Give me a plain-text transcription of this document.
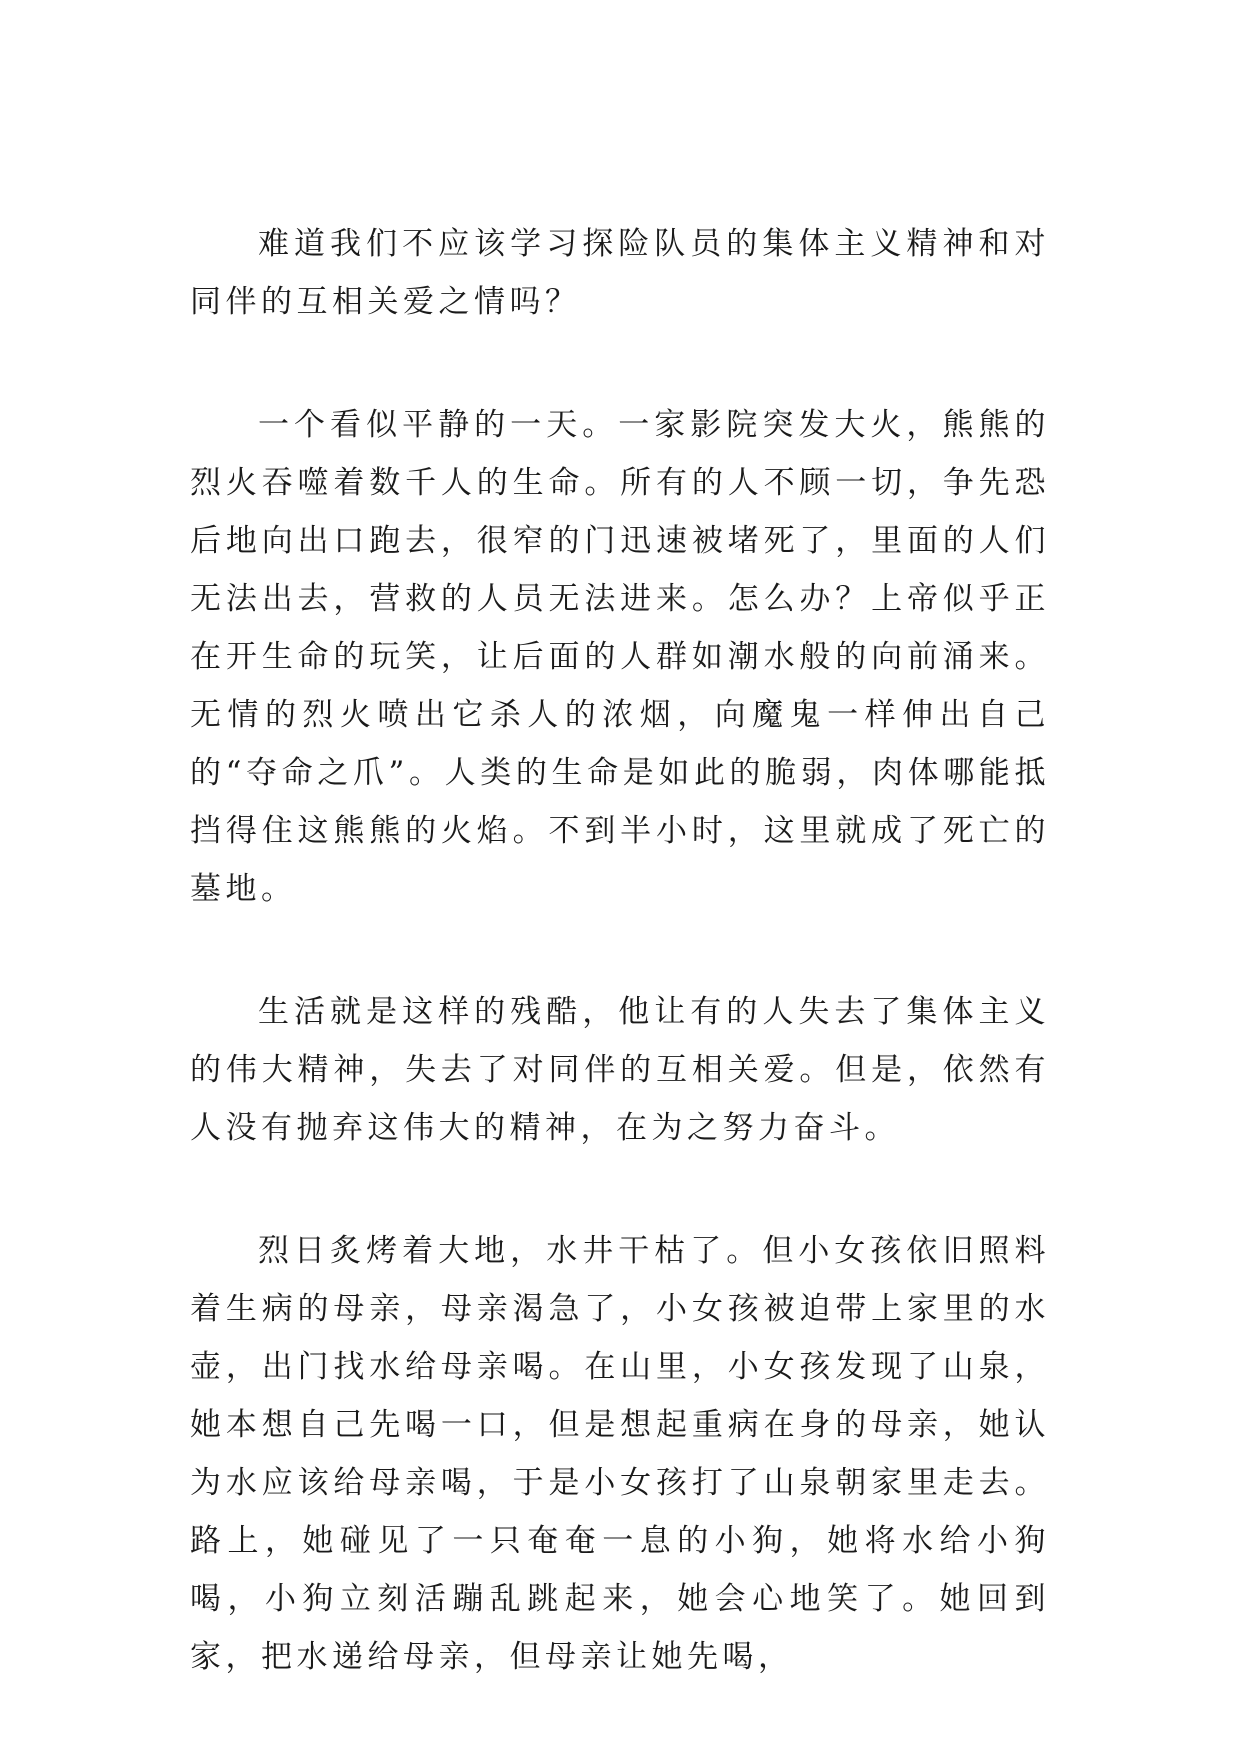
难道我们不应该学习探险队员的集体主义精神和对同伴的互相关爱之情吗？

一个看似平静的一天。一家影院突发大火，熊熊的烈火吞噬着数千人的生命。所有的人不顾一切，争先恐后地向出口跑去，很窄的门迅速被堵死了，里面的人们无法出去，营救的人员无法进来。怎么办？上帝似乎正在开生命的玩笑，让后面的人群如潮水般的向前涌来。无情的烈火喷出它杀人的浓烟，向魔鬼一样伸出自己的“夺命之爪”。人类的生命是如此的脆弱，肉体哪能抵挡得住这熊熊的火焰。不到半小时，这里就成了死亡的墓地。

生活就是这样的残酷，他让有的人失去了集体主义的伟大精神，失去了对同伴的互相关爱。但是，依然有人没有抛弃这伟大的精神，在为之努力奋斗。

烈日炙烤着大地，水井干枯了。但小女孩依旧照料着生病的母亲，母亲渴急了，小女孩被迫带上家里的水壶，出门找水给母亲喝。在山里，小女孩发现了山泉，她本想自己先喝一口，但是想起重病在身的母亲，她认为水应该给母亲喝，于是小女孩打了山泉朝家里走去。路上，她碰见了一只奄奄一息的小狗，她将水给小狗喝，小狗立刻活蹦乱跳起来，她会心地笑了。她回到家，把水递给母亲，但母亲让她先喝，
